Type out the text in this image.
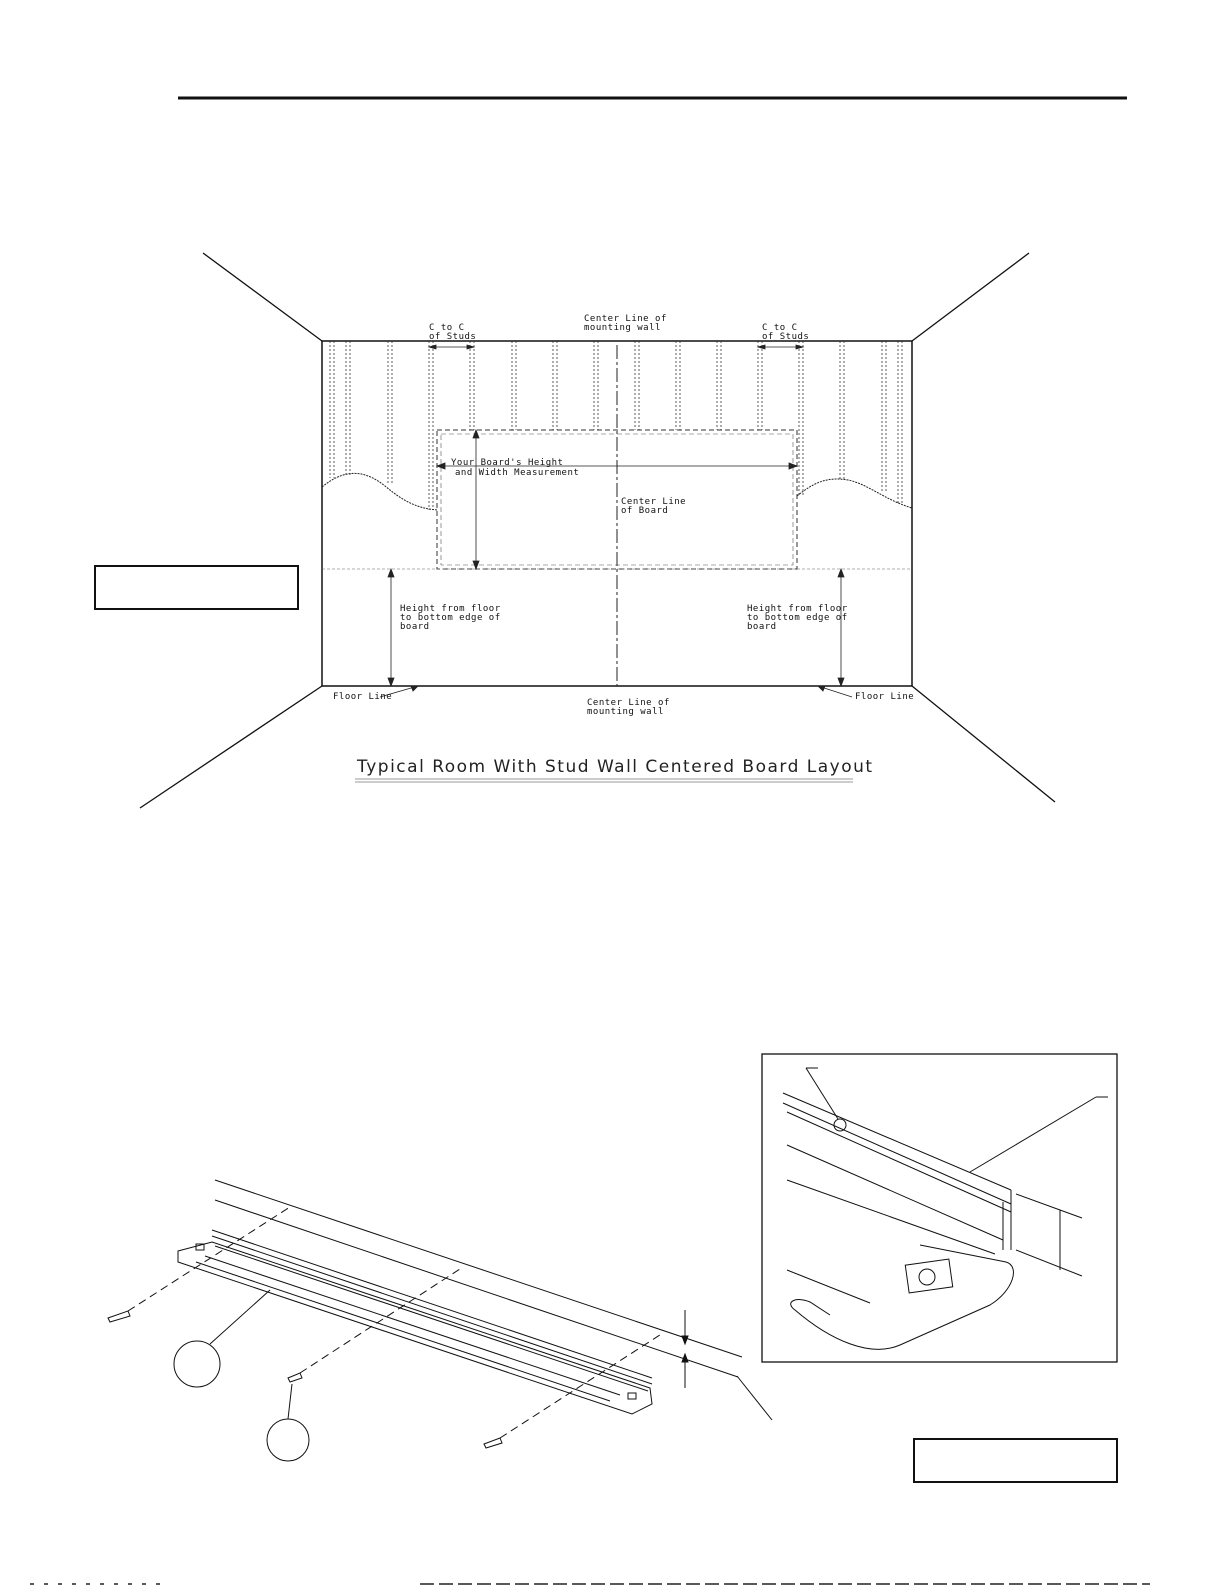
C to C
of Studs
C to C
of Studs
Center Line of
mounting wall
Your Board's Height
and Width Measurement
Center Line
of Board
Height from floor
to bottom edge of
board
Height from floor
to bottom edge of
board
Floor Line	Floor Line
Center Line of
mounting wall
Typical Room With Stud Wall Centered Board Layout
